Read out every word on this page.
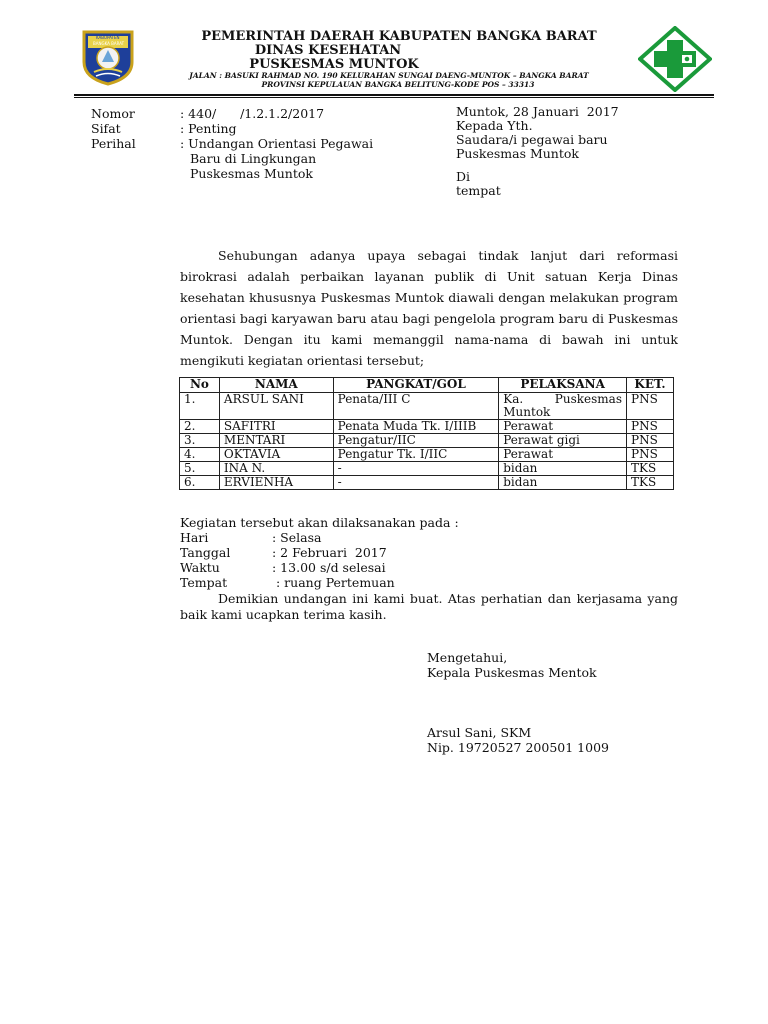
KABUPATEN
BANGKA BARAT	PEMERINTAH DAERAH KABUPATEN BANGKA BARAT
DINAS KESEHATAN
PUSKESMAS MUNTOK
JALAN : BASUKI RAHMAD NO. 190 KELURAHAN SUNGAI DAENG-MUNTOK – BANGKA BARAT
PROVINSI KEPULAUAN BANGKA BELITUNG-KODE POS – 33313
Nomor	: 440/      /1.2.1.2/2017
Sifat	: Penting
Perihal	: Undangan Orientasi Pegawai
Baru di Lingkungan
Puskesmas Muntok
Muntok, 28 Januari  2017
Kepada Yth.
Saudara/i pegawai baru
Puskesmas Muntok
Di
tempat

Sehubungan adanya upaya sebagai tindak lanjut dari reformasi birokrasi adalah perbaikan layanan publik di Unit satuan Kerja Dinas kesehatan khususnya Puskesmas Muntok diawali dengan melakukan program orientasi bagi karyawan baru atau bagi pengelola program baru di Puskesmas Muntok. Dengan itu kami memanggil nama-nama di bawah ini untuk mengikuti kegiatan orientasi tersebut;

No	NAMA	PANGKAT/GOL	PELAKSANA	KET.
1.	ARSUL SANI	Penata/III C	Ka. Puskesmas Muntok	PNS
2.	SAFITRI	Penata Muda Tk. I/IIIB	Perawat	PNS
3.	MENTARI	Pengatur/IIC	Perawat gigi	PNS
4.	OKTAVIA	Pengatur Tk. I/IIC	Perawat	PNS
5.	INA N.	-	bidan	TKS
6.	ERVIENHA	-	bidan	TKS
Kegiatan tersebut akan dilaksanakan pada :
Hari	: Selasa
Tanggal	: 2 Februari  2017
Waktu	: 13.00 s/d selesai
Tempat	: ruang Pertemuan
Demikian undangan ini kami buat. Atas perhatian dan kerjasama yang baik kami ucapkan terima kasih.
Mengetahui,
Kepala Puskesmas Mentok
Arsul Sani, SKM
Nip. 19720527 200501 1009
